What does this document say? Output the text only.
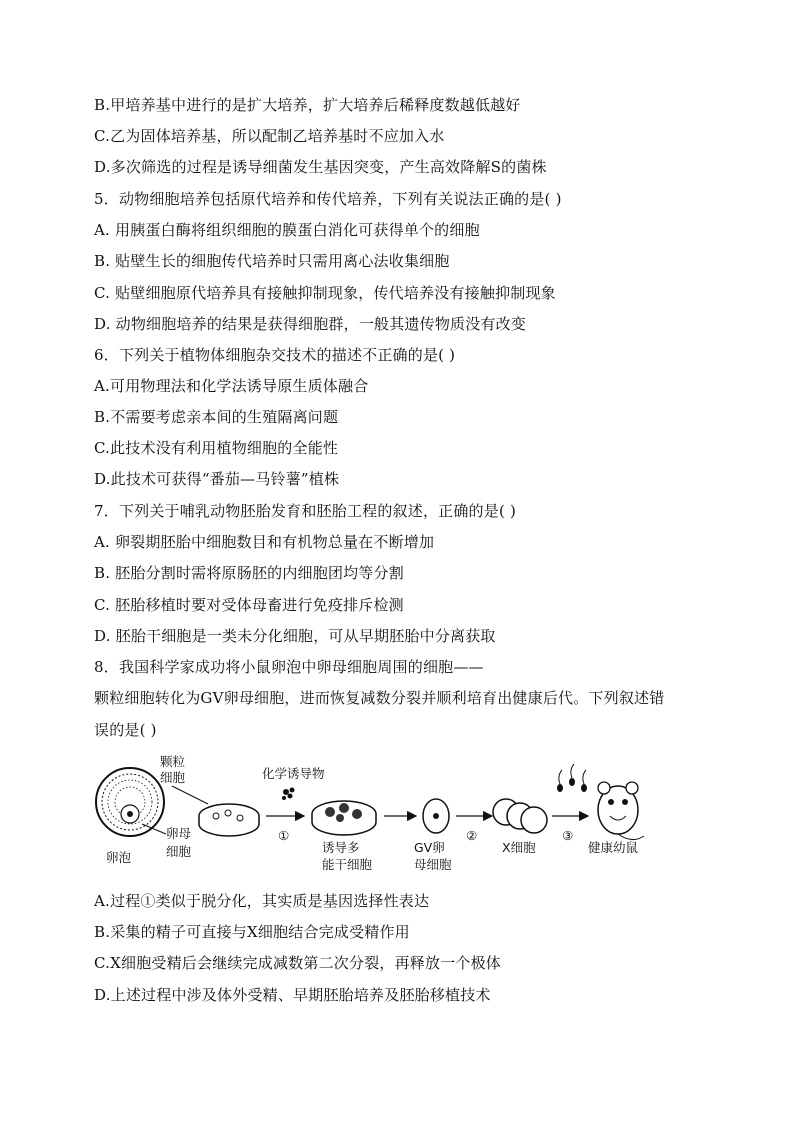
B.甲培养基中进行的是扩大培养，扩大培养后稀释度数越低越好
C.乙为固体培养基，所以配制乙培养基时不应加入水
D.多次筛选的过程是诱导细菌发生基因突变，产生高效降解S的菌株
5．动物细胞培养包括原代培养和传代培养，下列有关说法正确的是( )
A. 用胰蛋白酶将组织细胞的膜蛋白消化可获得单个的细胞
B. 贴壁生长的细胞传代培养时只需用离心法收集细胞
C. 贴壁细胞原代培养具有接触抑制现象，传代培养没有接触抑制现象
D. 动物细胞培养的结果是获得细胞群，一般其遗传物质没有改变
6．下列关于植物体细胞杂交技术的描述不正确的是( )
A.可用物理法和化学法诱导原生质体融合
B.不需要考虑亲本间的生殖隔离问题
C.此技术没有利用植物细胞的全能性
D.此技术可获得“番茄—马铃薯”植株
7．下列关于哺乳动物胚胎发育和胚胎工程的叙述，正确的是( )
A. 卵裂期胚胎中细胞数目和有机物总量在不断增加
B. 胚胎分割时需将原肠胚的内细胞团均等分割
C. 胚胎移植时要对受体母畜进行免疫排斥检测
D. 胚胎干细胞是一类未分化细胞，可从早期胚胎中分离获取
8．我国科学家成功将小鼠卵泡中卵母细胞周围的细胞——
颗粒细胞转化为GV卵母细胞，进而恢复减数分裂并顺利培育出健康后代。下列叙述错
误的是( )
颗粒
细胞
卵母
细胞
卵泡
化学诱导物
①
诱导多
能干细胞
GV卵
母细胞
②
X细胞
③
健康幼鼠
A.过程①类似于脱分化，其实质是基因选择性表达
B.采集的精子可直接与X细胞结合完成受精作用
C.X细胞受精后会继续完成减数第二次分裂，再释放一个极体
D.上述过程中涉及体外受精、早期胚胎培养及胚胎移植技术
